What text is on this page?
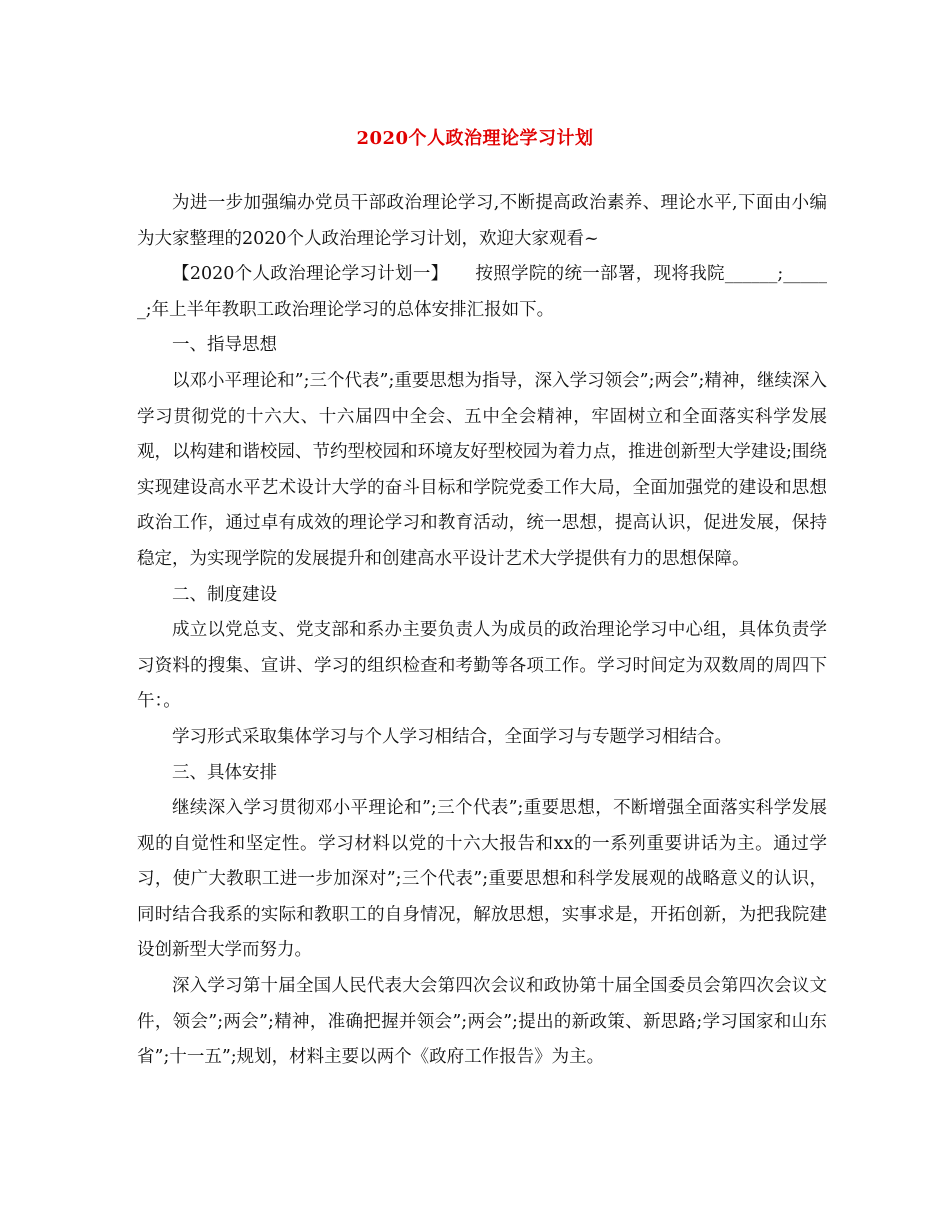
2020个人政治理论学习计划

为进一步加强编办党员干部政治理论学习,不断提高政治素养、理论水平,下面由小编为大家整理的2020个人政治理论学习计划，欢迎大家观看~

【2020个人政治理论学习计划一】　　按照学院的统一部署，现将我院______;______;年上半年教职工政治理论学习的总体安排汇报如下。

一、指导思想

以邓小平理论和”;三个代表”;重要思想为指导，深入学习领会”;两会”;精神，继续深入学习贯彻党的十六大、十六届四中全会、五中全会精神，牢固树立和全面落实科学发展观，以构建和谐校园、节约型校园和环境友好型校园为着力点，推进创新型大学建设;围绕实现建设高水平艺术设计大学的奋斗目标和学院党委工作大局，全面加强党的建设和思想政治工作，通过卓有成效的理论学习和教育活动，统一思想，提高认识，促进发展，保持稳定，为实现学院的发展提升和创建高水平设计艺术大学提供有力的思想保障。

二、制度建设

成立以党总支、党支部和系办主要负责人为成员的政治理论学习中心组，具体负责学习资料的搜集、宣讲、学习的组织检查和考勤等各项工作。学习时间定为双数周的周四下午：。

学习形式采取集体学习与个人学习相结合，全面学习与专题学习相结合。

三、具体安排

继续深入学习贯彻邓小平理论和”;三个代表”;重要思想，不断增强全面落实科学发展观的自觉性和坚定性。学习材料以党的十六大报告和xx的一系列重要讲话为主。通过学习，使广大教职工进一步加深对”;三个代表”;重要思想和科学发展观的战略意义的认识，同时结合我系的实际和教职工的自身情况，解放思想，实事求是，开拓创新，为把我院建设创新型大学而努力。

深入学习第十届全国人民代表大会第四次会议和政协第十届全国委员会第四次会议文件，领会”;两会”;精神，准确把握并领会”;两会”;提出的新政策、新思路;学习国家和山东省”;十一五”;规划，材料主要以两个《政府工作报告》为主。
